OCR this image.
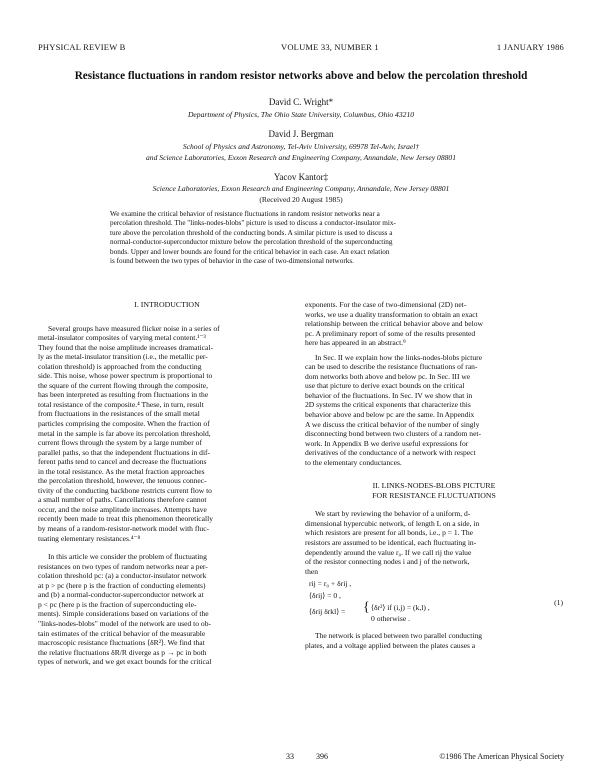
PHYSICAL REVIEW B	VOLUME 33, NUMBER 1	1 JANUARY 1986
Resistance fluctuations in random resistor networks above and below the percolation threshold
David C. Wright*
Department of Physics, The Ohio State University, Columbus, Ohio 43210
David J. Bergman
School of Physics and Astronomy, Tel-Aviv University, 69978 Tel-Aviv, Israel†
and Science Laboratories, Exxon Research and Engineering Company, Annandale, New Jersey 08801
Yacov Kantor‡
Science Laboratories, Exxon Research and Engineering Company, Annandale, New Jersey 08801
(Received 20 August 1985)
We examine the critical behavior of resistance fluctuations in random resistor networks near a
percolation threshold. The "links-nodes-blobs" picture is used to discuss a conductor-insulator mix-
ture above the percolation threshold of the conducting bonds. A similar picture is used to discuss a
normal-conductor-superconductor mixture below the percolation threshold of the superconducting
bonds. Upper and lower bounds are found for the critical behavior in each case. An exact relation
is found between the two types of behavior in the case of two-dimensional networks.
I. INTRODUCTION
Several groups have measured flicker noise in a series of
metal-insulator composites of varying metal content.¹⁻³
They found that the noise amplitude increases dramatical-
ly as the metal-insulator transition (i.e., the metallic per-
colation threshold) is approached from the conducting
side. This noise, whose power spectrum is proportional to
the square of the current flowing through the composite,
has been interpreted as resulting from fluctuations in the
total resistance of the composite.⁴ These, in turn, result
from fluctuations in the resistances of the small metal
particles comprising the composite. When the fraction of
metal in the sample is far above its percolation threshold,
current flows through the system by a large number of
parallel paths, so that the independent fluctuations in dif-
ferent paths tend to cancel and decrease the fluctuations
in the total resistance. As the metal fraction approaches
the percolation threshold, however, the tenuous connec-
tivity of the conducting backbone restricts current flow to
a small number of paths. Cancellations therefore cannot
occur, and the noise amplitude increases. Attempts have
recently been made to treat this phenomenon theoretically
by means of a random-resistor-network model with fluc-
tuating elementary resistances.⁴⁻⁸
In this article we consider the problem of fluctuating
resistances on two types of random networks near a per-
colation threshold pc: (a) a conductor-insulator network
at p > pc (here p is the fraction of conducting elements)
and (b) a normal-conductor-superconductor network at
p < pc (here p is the fraction of superconducting ele-
ments). Simple considerations based on variations of the
"links-nodes-blobs" model of the network are used to ob-
tain estimates of the critical behavior of the measurable
macroscopic resistance fluctuations ⟨δR²⟩. We find that
the relative fluctuations δR/R diverge as p → pc in both
types of network, and we get exact bounds for the critical
exponents. For the case of two-dimensional (2D) net-
works, we use a duality transformation to obtain an exact
relationship between the critical behavior above and below
pc. A preliminary report of some of the results presented
here has appeared in an abstract.⁹
In Sec. II we explain how the links-nodes-blobs picture
can be used to describe the resistance fluctuations of ran-
dom networks both above and below pc. In Sec. III we
use that picture to derive exact bounds on the critical
behavior of the fluctuations. In Sec. IV we show that in
2D systems the critical exponents that characterize this
behavior above and below pc are the same. In Appendix
A we discuss the critical behavior of the number of singly
disconnecting bond between two clusters of a random net-
work. In Appendix B we derive useful expressions for
derivatives of the conductance of a network with respect
to the elementary conductances.
II. LINKS-NODES-BLOBS PICTURE
FOR RESISTANCE FLUCTUATIONS
We start by reviewing the behavior of a uniform, d-
dimensional hypercubic network, of length L on a side, in
which resistors are present for all bonds, i.e., p = 1. The
resistors are assumed to be identical, each fluctuating in-
dependently around the value r₀. If we call rij the value
of the resistor connecting nodes i and j of the network,
then
rij = r₀ + δrij ,
⟨δrij⟩ = 0 ,
⟨δrij δrkl⟩ = { ⟨δr²⟩ if (i,j) = (k,l) ,
0 otherwise .
(1)
The network is placed between two parallel conducting
plates, and a voltage applied between the plates causes a
33	396	©1986 The American Physical Society
